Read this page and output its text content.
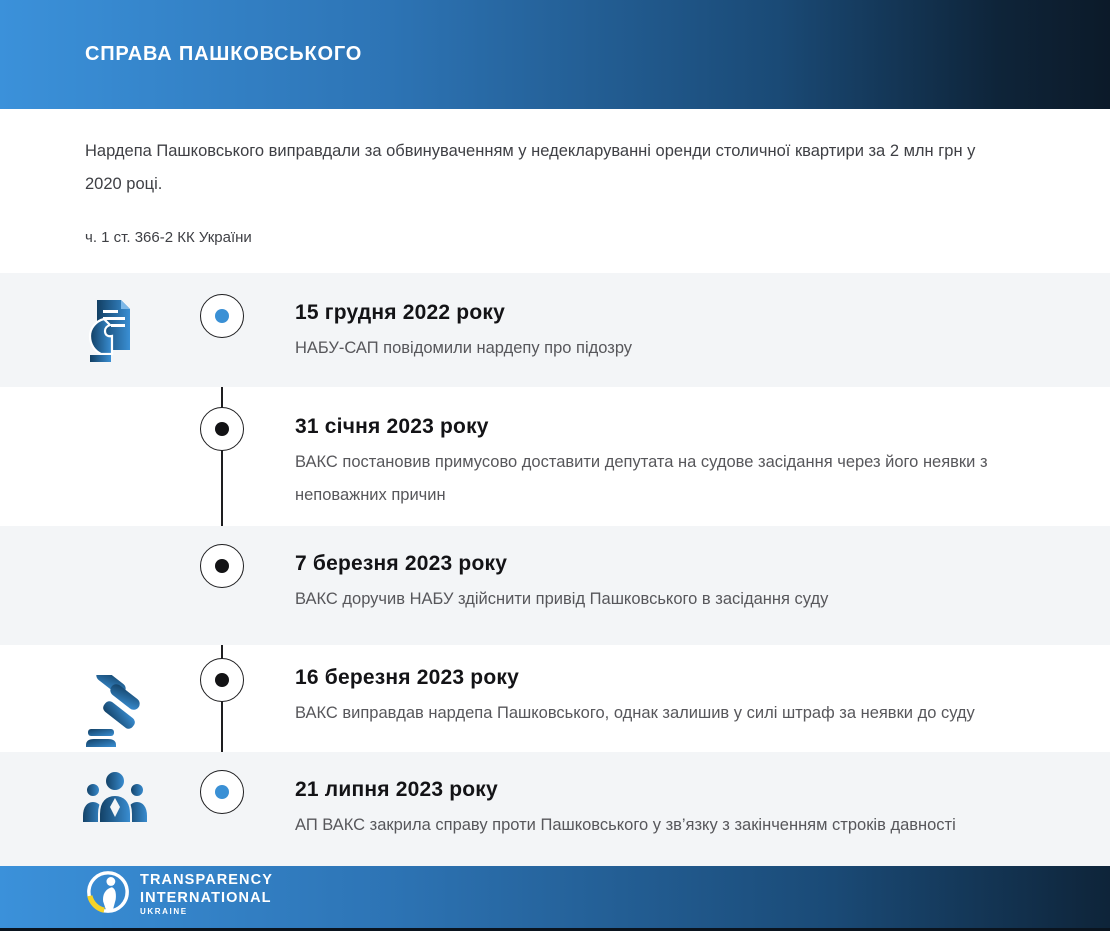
СПРАВА ПАШКОВСЬКОГО

Нардепа Пашковського виправдали за обвинуваченням у недекларуванні оренди столичної квартири за 2 млн грн у 2020 році.

ч. 1 ст. 366-2 КК України

15 грудня 2022 року
НАБУ-САП повідомили нардепу про підозру
31 січня 2023 року
ВАКС постановив примусово доставити депутата на судове засідання через його неявки з неповажних причин
7 березня 2023 року
ВАКС доручив НАБУ здійснити привід Пашковського в засідання суду
16 березня 2023 року
ВАКС виправдав нардепа Пашковського, однак залишив у силі штраф за неявки до суду
21 липня 2023 року
АП ВАКС закрила справу проти Пашковського у зв’язку з закінченням строків давності
TRANSPARENCY
INTERNATIONAL
UKRAINE
